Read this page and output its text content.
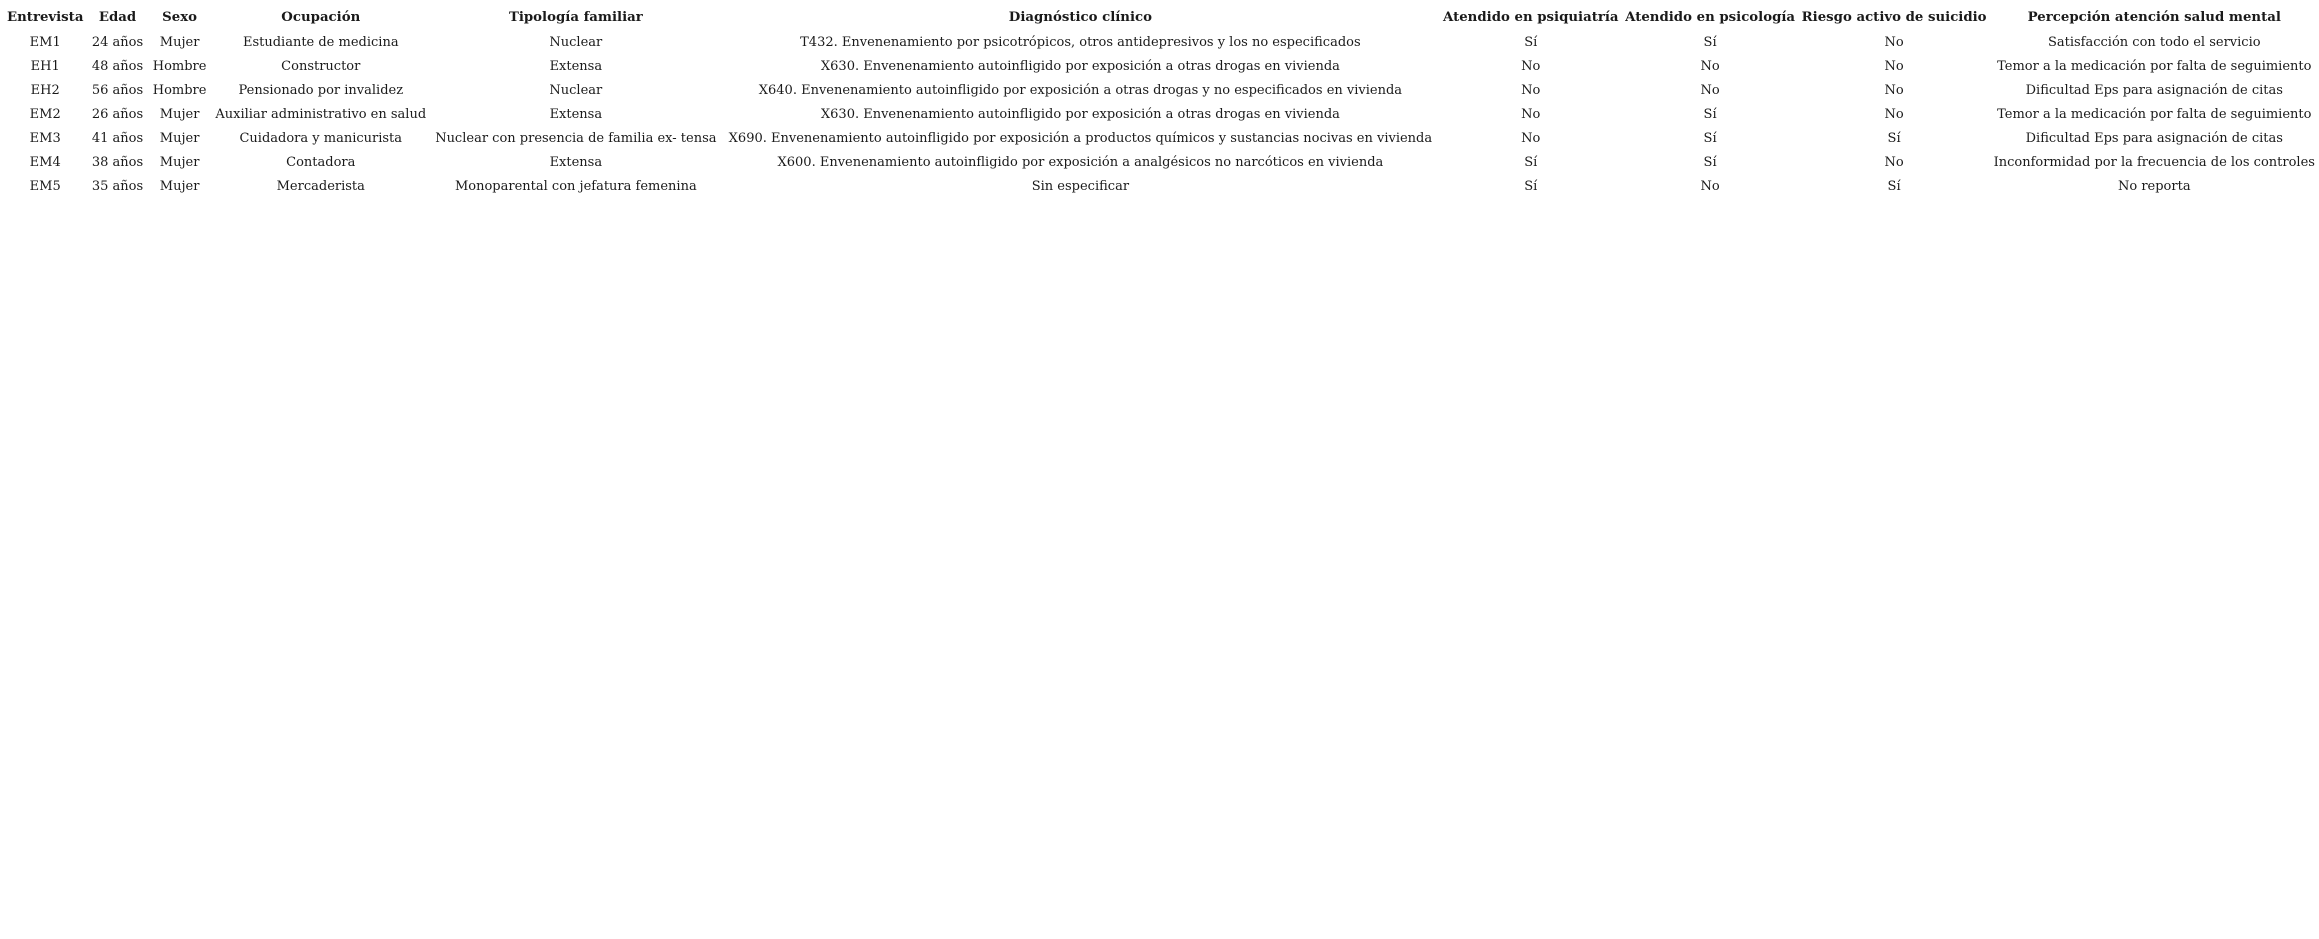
Entrevista	Edad	Sexo	Ocupación	Tipología familiar	Diagnóstico clínico	Atendido en psiquiatría	Atendido en psicología	Riesgo activo de suicidio	Percepción atención salud mental
EM1	24 años	Mujer	Estudiante de medicina	Nuclear	T432. Envenenamiento por psicotrópicos, otros antidepresivos y los no especificados	Sí	Sí	No	Satisfacción con todo el servicio
EH1	48 años	Hombre	Constructor	Extensa	X630. Envenenamiento autoinfligido por exposición a otras drogas en vivienda	No	No	No	Temor a la medicación por falta de seguimiento
EH2	56 años	Hombre	Pensionado por invalidez	Nuclear	X640. Envenenamiento autoinfligido por exposición a otras drogas y no especificados en vivienda	No	No	No	Dificultad Eps para asignación de citas
EM2	26 años	Mujer	Auxiliar administrativo en salud	Extensa	X630. Envenenamiento autoinfligido por exposición a otras drogas en vivienda	No	Sí	No	Temor a la medicación por falta de seguimiento
EM3	41 años	Mujer	Cuidadora y manicurista	Nuclear con presencia de familia ex- tensa	X690. Envenenamiento autoinfligido por exposición a productos químicos y sustancias nocivas en vivienda	No	Sí	Sí	Dificultad Eps para asignación de citas
EM4	38 años	Mujer	Contadora	Extensa	X600. Envenenamiento autoinfligido por exposición a analgésicos no narcóticos en vivienda	Sí	Sí	No	Inconformidad por la frecuencia de los controles
EM5	35 años	Mujer	Mercaderista	Monoparental con jefatura femenina	Sin especificar	Sí	No	Sí	No reporta
